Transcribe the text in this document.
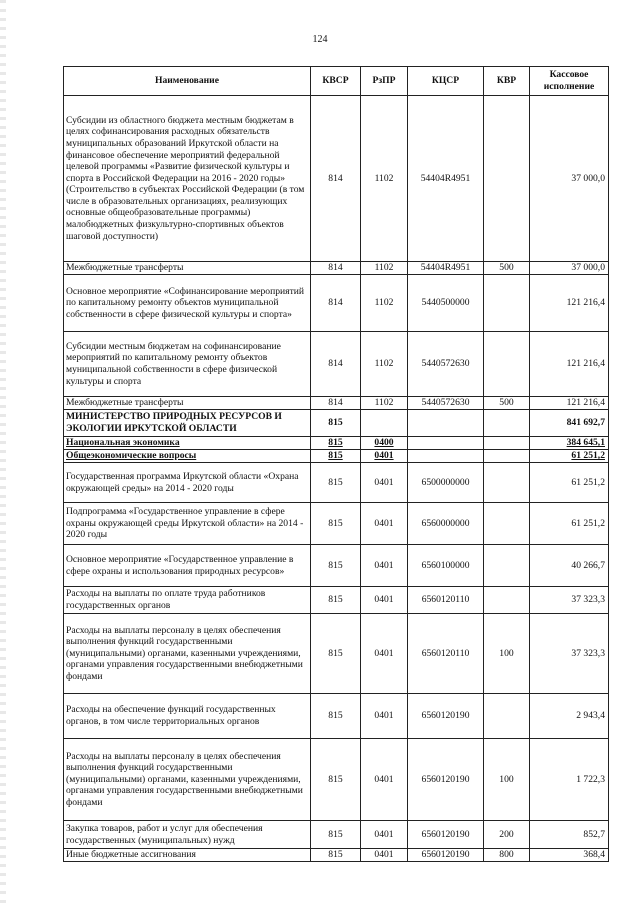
124
Наименование	КВСР	РзПР	КЦСР	КВР	Кассовое исполнение
Субсидии из областного бюджета местным бюджетам в целях софинансирования расходных обязательств муниципальных образований Иркутской области на финансовое обеспечение мероприятий федеральной целевой программы «Развитие физической культуры и спорта в Российской Федерации на 2016 - 2020 годы» (Строительство в субъектах Российской Федерации (в том числе в образовательных организациях, реализующих основные общеобразовательные программы) малобюджетных физкультурно-спортивных объектов шаговой доступности)	814	1102	54404R4951		37 000,0
Межбюджетные трансферты	814	1102	54404R4951	500	37 000,0
Основное мероприятие «Софинансирование мероприятий по капитальному ремонту объектов муниципальной собственности в сфере физической культуры и спорта»	814	1102	5440500000		121 216,4
Субсидии местным бюджетам на софинансирование мероприятий по капитальному ремонту объектов муниципальной собственности в сфере физической культуры и спорта	814	1102	5440572630		121 216,4
Межбюджетные трансферты	814	1102	5440572630	500	121 216,4
МИНИСТЕРСТВО ПРИРОДНЫХ РЕСУРСОВ И ЭКОЛОГИИ ИРКУТСКОЙ ОБЛАСТИ	815				841 692,7
Национальная экономика	815	0400			384 645,1
Общеэкономические вопросы	815	0401			61 251,2
Государственная программа Иркутской области «Охрана окружающей среды» на 2014 - 2020 годы	815	0401	6500000000		61 251,2
Подпрограмма «Государственное управление в сфере охраны окружающей среды Иркутской области» на 2014 - 2020 годы	815	0401	6560000000		61 251,2
Основное мероприятие «Государственное управление в сфере охраны и использования природных ресурсов»	815	0401	6560100000		40 266,7
Расходы на выплаты по оплате труда работников государственных органов	815	0401	6560120110		37 323,3
Расходы на выплаты персоналу в целях обеспечения выполнения функций государственными (муниципальными) органами, казенными учреждениями, органами управления государственными внебюджетными фондами	815	0401	6560120110	100	37 323,3
Расходы на обеспечение функций государственных органов, в том числе территориальных органов	815	0401	6560120190		2 943,4
Расходы на выплаты персоналу в целях обеспечения выполнения функций государственными (муниципальными) органами, казенными учреждениями, органами управления государственными внебюджетными фондами	815	0401	6560120190	100	1 722,3
Закупка товаров, работ и услуг для обеспечения государственных (муниципальных) нужд	815	0401	6560120190	200	852,7
Иные бюджетные ассигнования	815	0401	6560120190	800	368,4
